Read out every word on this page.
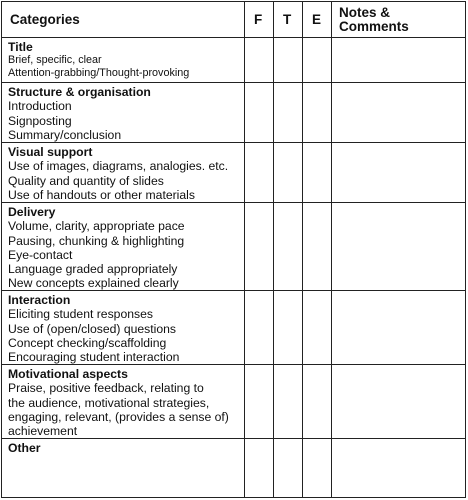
Categories	F T E Notes &
Comments
Title
Brief, specific, clear
Attention-grabbing/Thought-provoking
Structure & organisation
Introduction
Signposting
Summary/conclusion
Visual support
Use of images, diagrams, analogies. etc.
Quality and quantity of slides
Use of handouts or other materials
Delivery
Volume, clarity, appropriate pace
Pausing, chunking & highlighting
Eye-contact
Language graded appropriately
New concepts explained clearly
Interaction
Eliciting student responses
Use of (open/closed) questions
Concept checking/scaffolding
Encouraging student interaction
Motivational aspects
Praise, positive feedback, relating to
the audience, motivational strategies,
engaging, relevant, (provides a sense of)
achievement
Other
